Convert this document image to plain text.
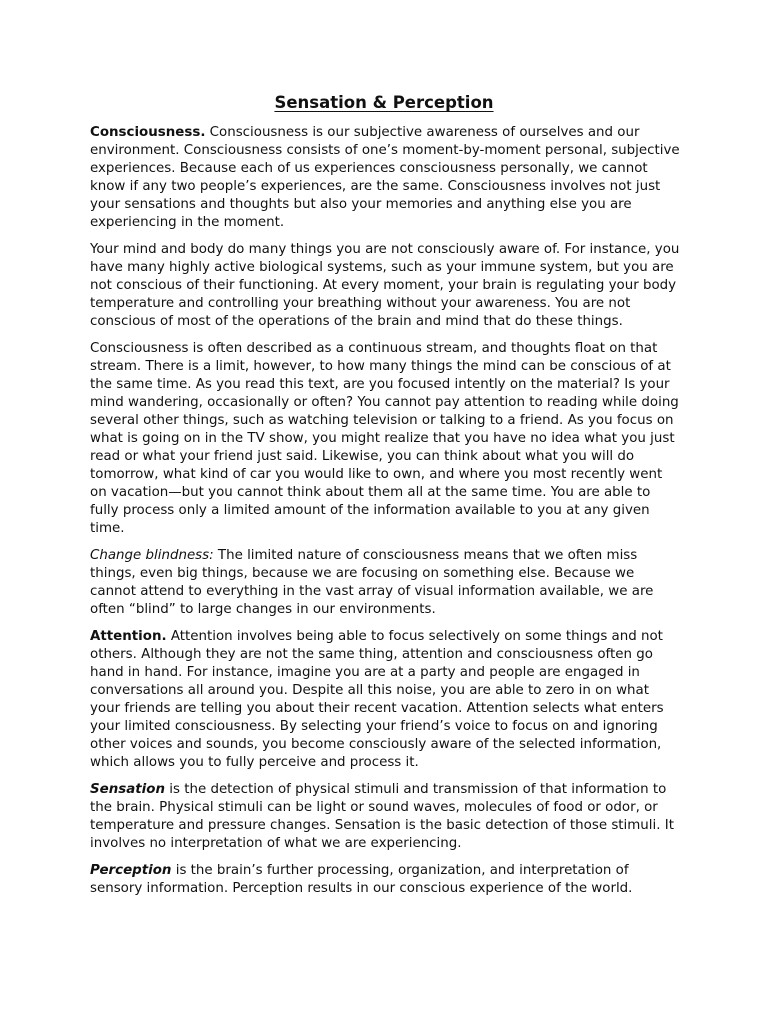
Sensation & Perception

Consciousness. Consciousness is our subjective awareness of ourselves and our environment. Consciousness consists of one’s moment-by-moment personal, subjective experiences. Because each of us experiences consciousness personally, we cannot know if any two people’s experiences, are the same. Consciousness involves not just your sensations and thoughts but also your memories and anything else you are experiencing in the moment.

Your mind and body do many things you are not consciously aware of. For instance, you have many highly active biological systems, such as your immune system, but you are not conscious of their functioning. At every moment, your brain is regulating your body temperature and controlling your breathing without your awareness. You are not conscious of most of the operations of the brain and mind that do these things.

Consciousness is often described as a continuous stream, and thoughts float on that stream. There is a limit, however, to how many things the mind can be conscious of at the same time. As you read this text, are you focused intently on the material? Is your mind wandering, occasionally or often? You cannot pay attention to reading while doing several other things, such as watching television or talking to a friend. As you focus on what is going on in the TV show, you might realize that you have no idea what you just read or what your friend just said. Likewise, you can think about what you will do tomorrow, what kind of car you would like to own, and where you most recently went on vacation—but you cannot think about them all at the same time. You are able to fully process only a limited amount of the information available to you at any given time.

Change blindness: The limited nature of consciousness means that we often miss things, even big things, because we are focusing on something else. Because we cannot attend to everything in the vast array of visual information available, we are often “blind” to large changes in our environments.

Attention. Attention involves being able to focus selectively on some things and not others. Although they are not the same thing, attention and consciousness often go hand in hand. For instance, imagine you are at a party and people are engaged in conversations all around you. Despite all this noise, you are able to zero in on what your friends are telling you about their recent vacation. Attention selects what enters your limited consciousness. By selecting your friend’s voice to focus on and ignoring other voices and sounds, you become consciously aware of the selected information, which allows you to fully perceive and process it.

Sensation is the detection of physical stimuli and transmission of that information to the brain. Physical stimuli can be light or sound waves, molecules of food or odor, or temperature and pressure changes. Sensation is the basic detection of those stimuli. It involves no interpretation of what we are experiencing.

Perception is the brain’s further processing, organization, and interpretation of sensory information. Perception results in our conscious experience of the world.
